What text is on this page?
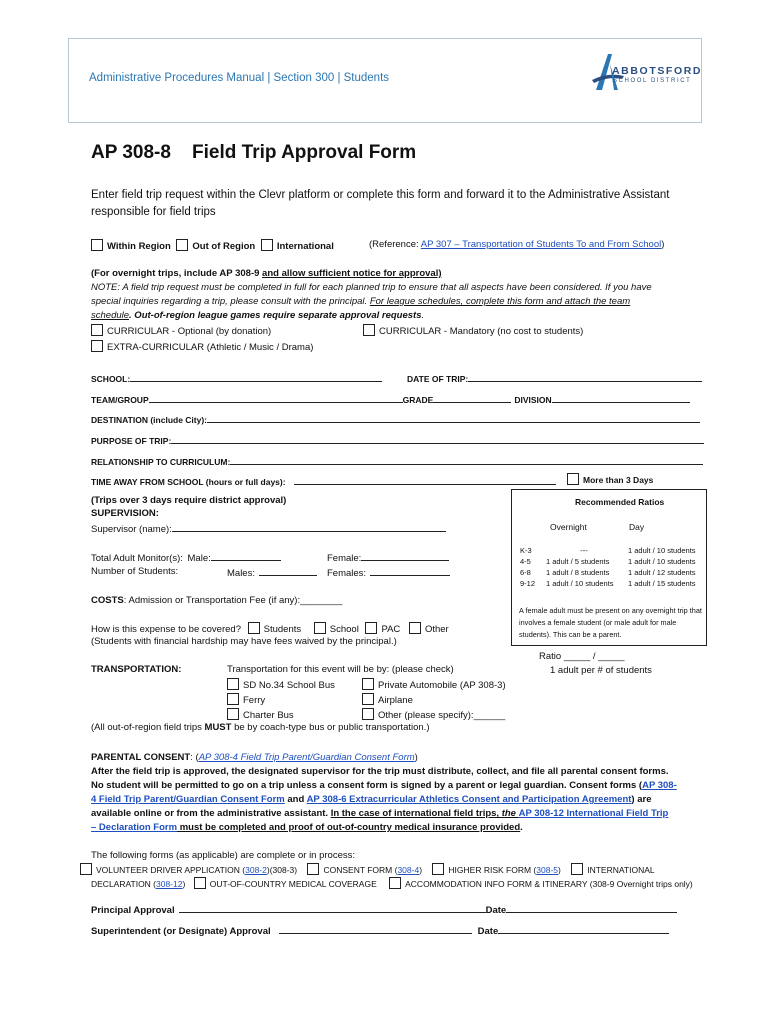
Administrative Procedures Manual | Section 300 | Students
ABBOTSFORD
SCHOOL DISTRICT
AP 308-8    Field Trip Approval Form
Enter field trip request within the Clevr platform or complete this form and forward it to the Administrative Assistant responsible for field trips
Within Region Out of Region International	(Reference: AP 307 – Transportation of Students To and From School)
(For overnight trips, include AP 308-9 and allow sufficient notice for approval)
NOTE: A field trip request must be completed in full for each planned trip to ensure that all aspects have been considered. If you have
special inquiries regarding a trip, please consult with the principal. For league schedules, complete this form and attach the team
schedule. Out-of-region league games require separate approval requests.
CURRICULAR - Optional (by donation)	CURRICULAR - Mandatory (no cost to students)
EXTRA-CURRICULAR (Athletic / Music / Drama)
SCHOOL:	DATE OF TRIP:
TEAM/GROUP	GRADE	DIVISION
DESTINATION (include City):
PURPOSE OF TRIP:
RELATIONSHIP TO CURRICULUM:
TIME AWAY FROM SCHOOL (hours or full days):	More than 3 Days
(Trips over 3 days require district approval)
SUPERVISION:
Supervisor (name):
Total Adult Monitor(s): Male:	Female:
Number of Students:	Males:	Females:
Recommended Ratios
Overnight	Day
K-3	---	1 adult / 10 students
4-5	1 adult / 5 students	1 adult / 10 students
6-8	1 adult / 8 students	1 adult / 12 students
9-12	1 adult / 10 students	1 adult / 15 students
A female adult must be present on any overnight trip that involves a female student (or male adult for male students). This can be a parent.
COSTS: Admission or Transportation Fee (if any):________
How is this expense to be covered? Students	School PAC	Other
(Students with financial hardship may have fees waived by the principal.)
Ratio _____ / _____
1 adult per # of students
TRANSPORTATION:	Transportation for this event will be by: (please check)
SD No.34 School Bus
Ferry
Charter Bus
Private Automobile (AP 308-3)
Airplane
Other (please specify):______
(All out-of-region field trips MUST be by coach-type bus or public transportation.)
PARENTAL CONSENT: (AP 308-4 Field Trip Parent/Guardian Consent Form)
After the field trip is approved, the designated supervisor for the trip must distribute, collect, and file all parental consent forms.
No student will be permitted to go on a trip unless a consent form is signed by a parent or legal guardian. Consent forms (AP 308-
4 Field Trip Parent/Guardian Consent Form and AP 308-6 Extracurricular Athletics Consent and Participation Agreement) are
available online or from the administrative assistant. In the case of international field trips, the AP 308-12 International Field Trip
– Declaration Form must be completed and proof of out-of-country medical insurance provided.
The following forms (as applicable) are complete or in process:
VOLUNTEER DRIVER APPLICATION (308-2)(308-3)	CONSENT FORM (308-4)	HIGHER RISK FORM (308-5)	INTERNATIONAL
DECLARATION (308-12)	OUT-OF-COUNTRY MEDICAL COVERAGE	ACCOMMODATION INFO FORM & ITINERARY (308-9 Overnight trips only)
Principal Approval	Date
Superintendent (or Designate) Approval	Date
